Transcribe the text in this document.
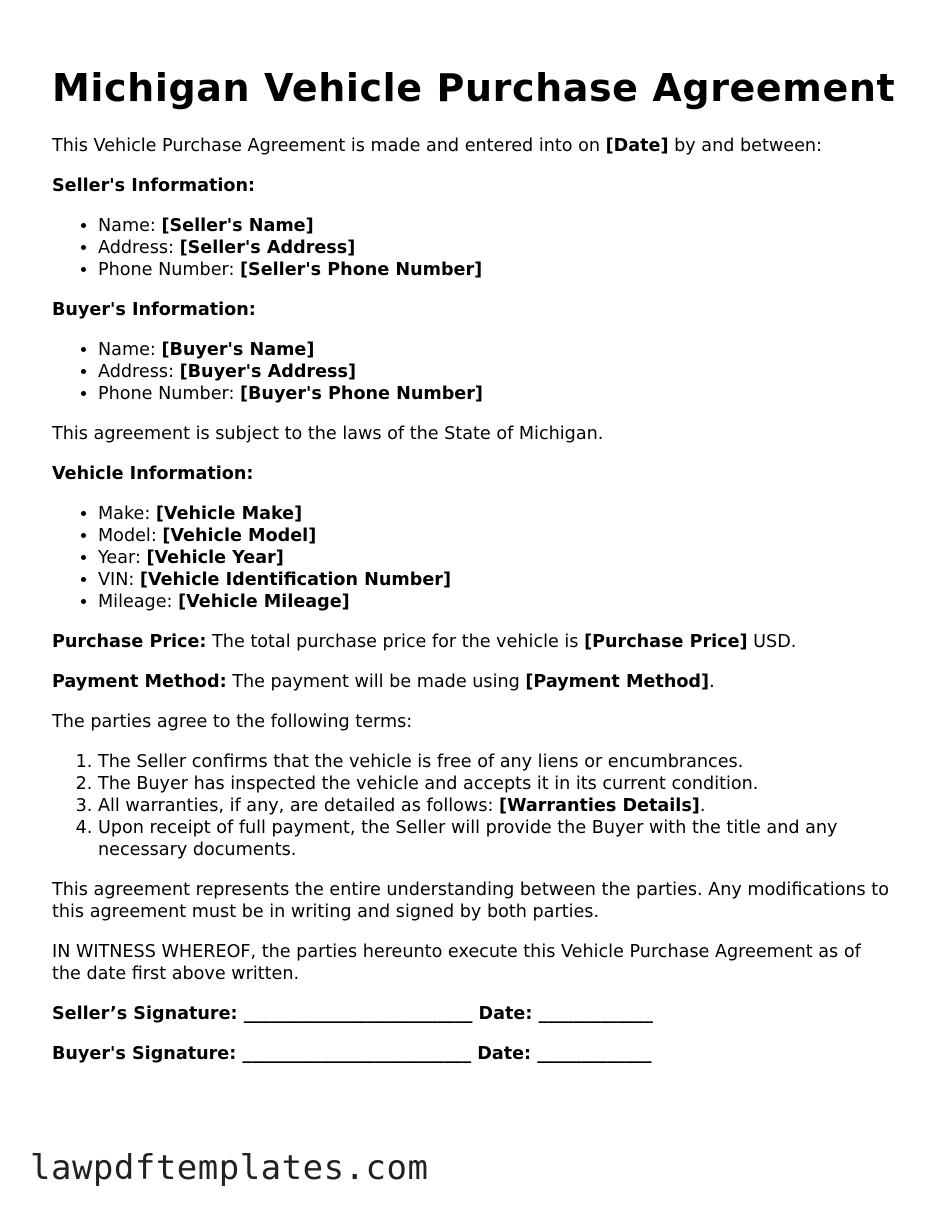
Michigan Vehicle Purchase Agreement

This Vehicle Purchase Agreement is made and entered into on [Date] by and between:

Seller's Information:

• Name: [Seller's Name]
• Address: [Seller's Address]
• Phone Number: [Seller's Phone Number]

Buyer's Information:

• Name: [Buyer's Name]
• Address: [Buyer's Address]
• Phone Number: [Buyer's Phone Number]

This agreement is subject to the laws of the State of Michigan.

Vehicle Information:

• Make: [Vehicle Make]
• Model: [Vehicle Model]
• Year: [Vehicle Year]
• VIN: [Vehicle Identification Number]
• Mileage: [Vehicle Mileage]

Purchase Price: The total purchase price for the vehicle is [Purchase Price] USD.

Payment Method: The payment will be made using [Payment Method].

The parties agree to the following terms:

1. The Seller confirms that the vehicle is free of any liens or encumbrances.
2. The Buyer has inspected the vehicle and accepts it in its current condition.
3. All warranties, if any, are detailed as follows: [Warranties Details].
4. Upon receipt of full payment, the Seller will provide the Buyer with the title and any necessary documents.

This agreement represents the entire understanding between the parties. Any modifications to this agreement must be in writing and signed by both parties.

IN WITNESS WHEREOF, the parties hereunto execute this Vehicle Purchase Agreement as of the date first above written.

Seller’s Signature: __________________________ Date: _____________

Buyer's Signature: __________________________ Date: _____________

lawpdftemplates.com
